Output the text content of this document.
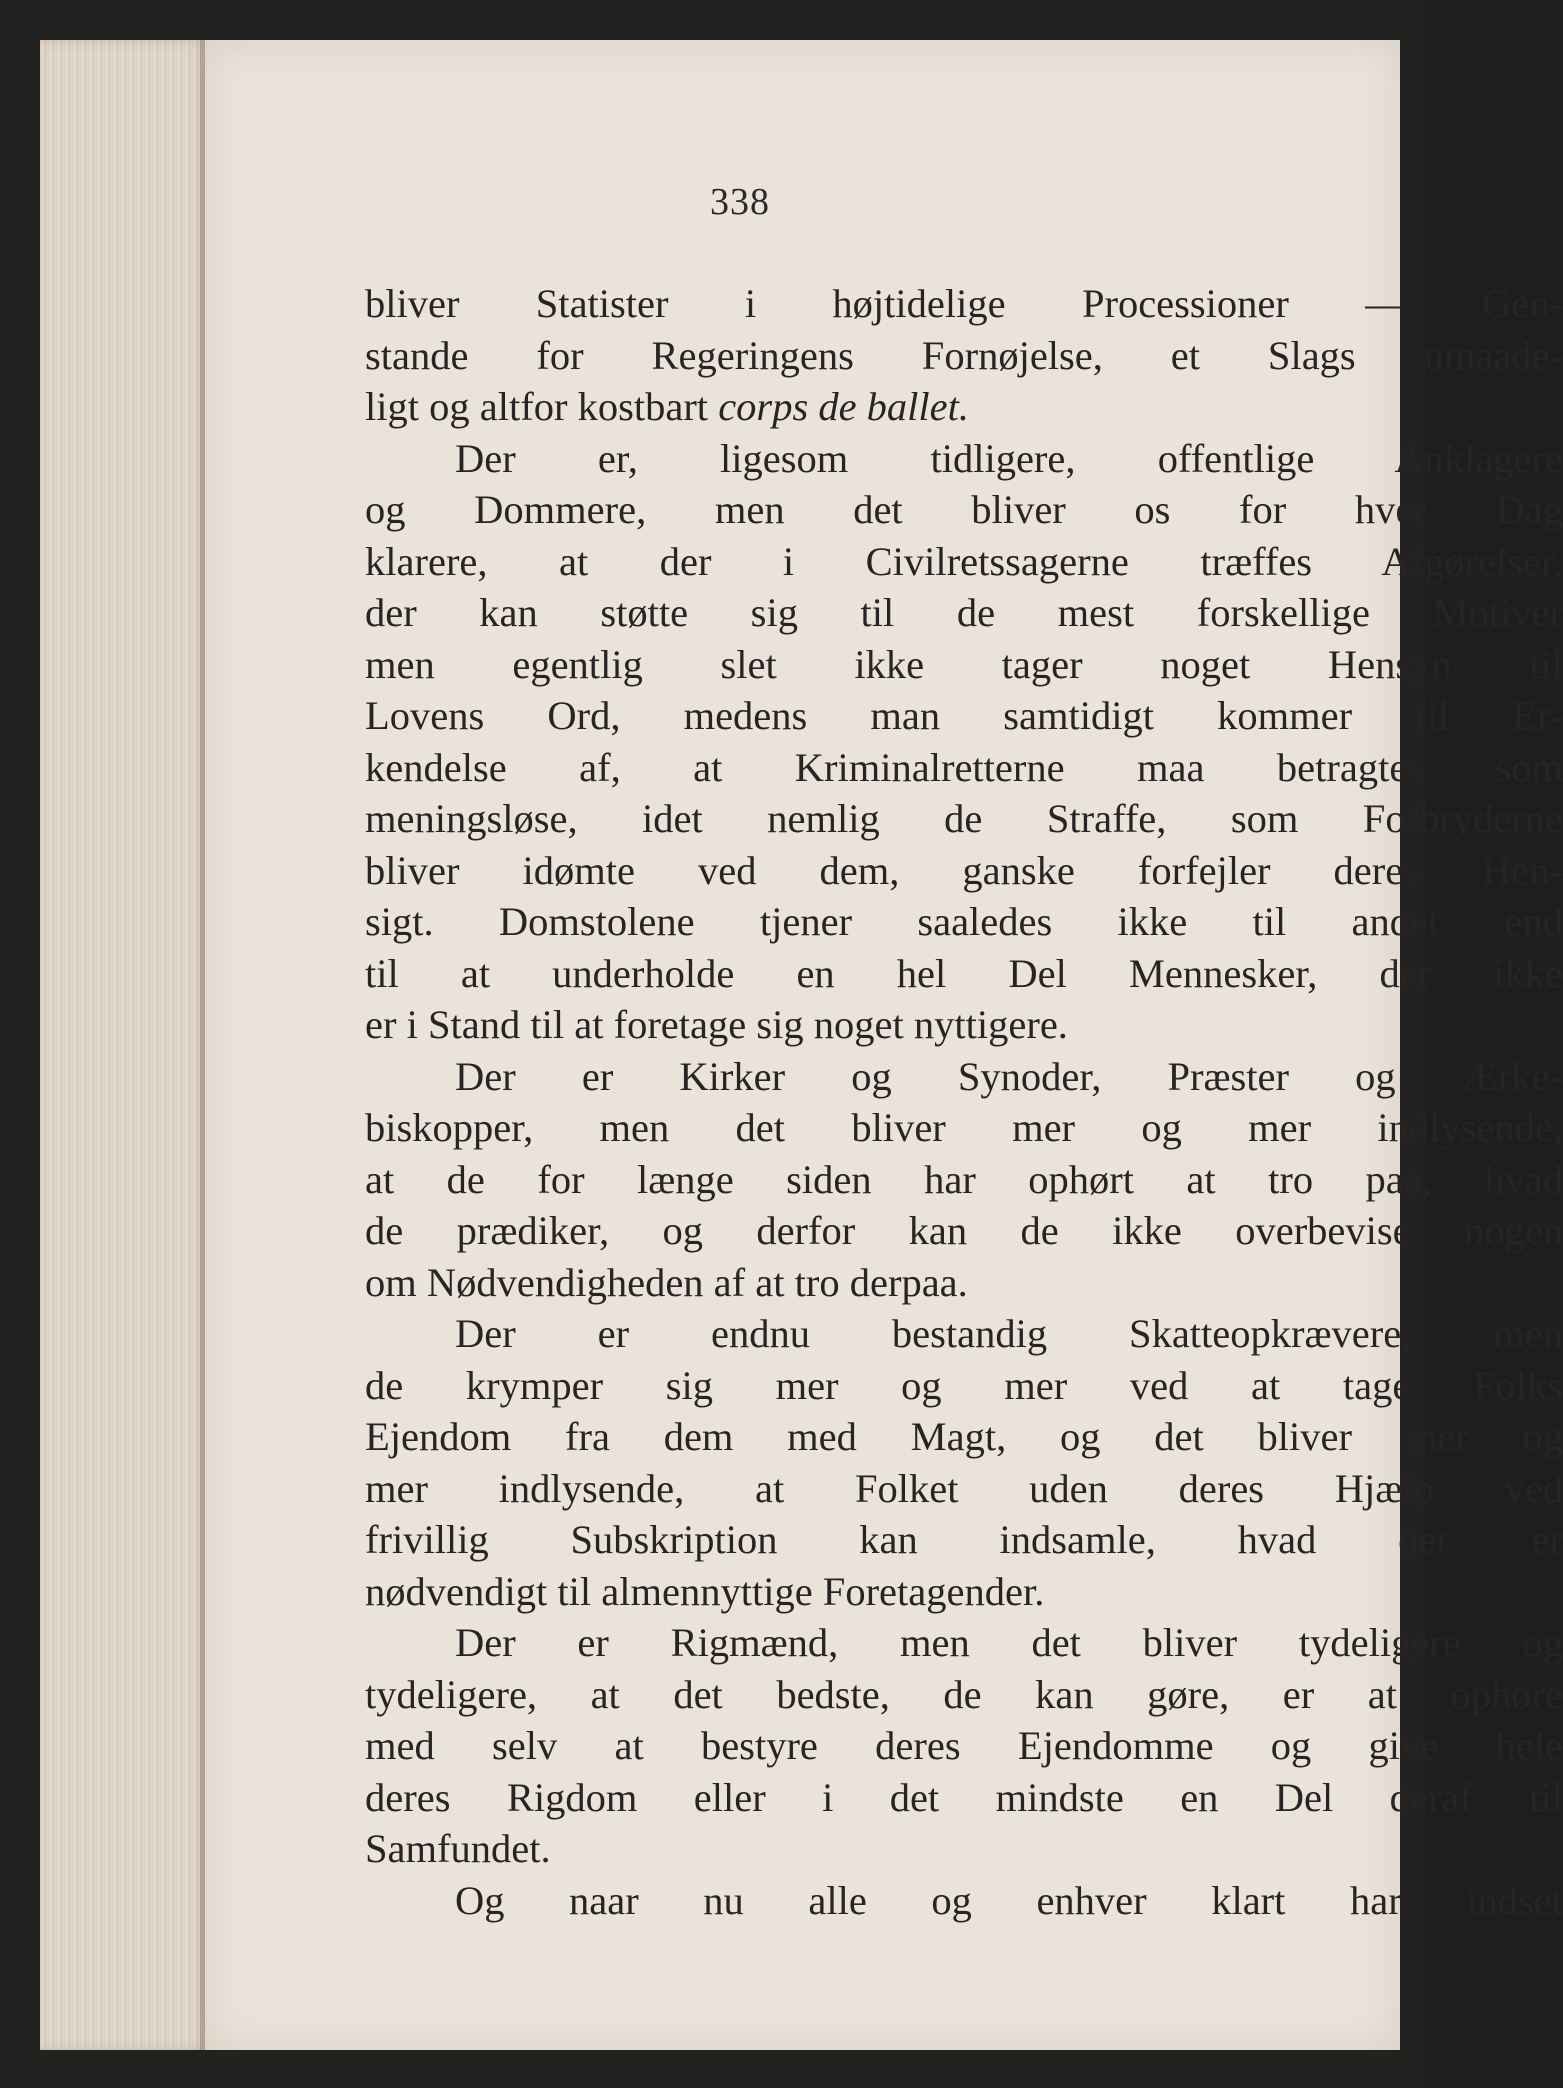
338
bliver Statister i højtidelige Processioner — Gen-
stande for Regeringens Fornøjelse, et Slags umaade-
ligt og altfor kostbart corps de ballet.
Der er, ligesom tidligere, offentlige Anklagere
og Dommere, men det bliver os for hver Dag
klarere, at der i Civilretssagerne træffes Afgørelser,
der kan støtte sig til de mest forskellige Motiver
men egentlig slet ikke tager noget Hensyn til
Lovens Ord, medens man samtidigt kommer til Er-
kendelse af, at Kriminalretterne maa betragtes som
meningsløse, idet nemlig de Straffe, som Forbryderne
bliver idømte ved dem, ganske forfejler deres Hen-
sigt. Domstolene tjener saaledes ikke til andet end
til at underholde en hel Del Mennesker, der ikke
er i Stand til at foretage sig noget nyttigere.
Der er Kirker og Synoder, Præster og Ærke-
biskopper, men det bliver mer og mer indlysende,
at de for længe siden har ophørt at tro paa, hvad
de prædiker, og derfor kan de ikke overbevise nogen
om Nødvendigheden af at tro derpaa.
Der er endnu bestandig Skatteopkrævere, men
de krymper sig mer og mer ved at tage Folks
Ejendom fra dem med Magt, og det bliver mer og
mer indlysende, at Folket uden deres Hjælp ved
frivillig Subskription kan indsamle, hvad der er
nødvendigt til almennyttige Foretagender.
Der er Rigmænd, men det bliver tydeligere og
tydeligere, at det bedste, de kan gøre, er at ophøre
med selv at bestyre deres Ejendomme og give hele
deres Rigdom eller i det mindste en Del deraf til
Samfundet.
Og naar nu alle og enhver klart har indset
